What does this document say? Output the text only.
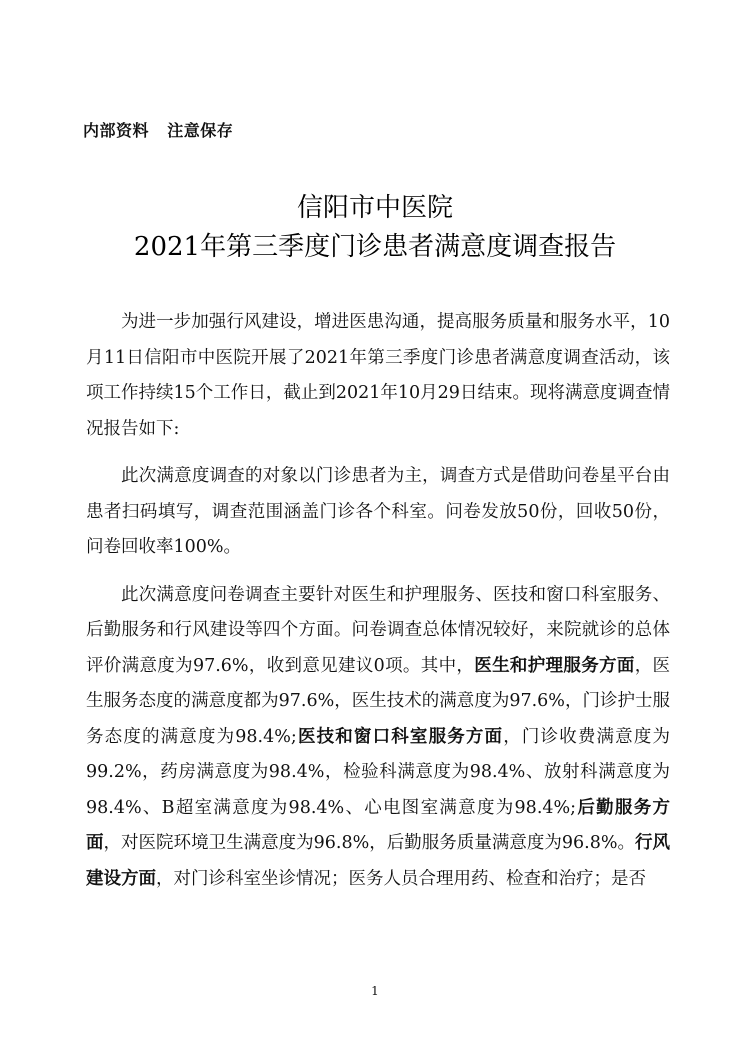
内部资料   注意保存
信阳市中医院
2021年第三季度门诊患者满意度调查报告

为进一步加强行风建设，增进医患沟通，提高服务质量和服务水平，10月11日信阳市中医院开展了2021年第三季度门诊患者满意度调查活动，该项工作持续15个工作日，截止到2021年10月29日结束。现将满意度调查情况报告如下:

此次满意度调查的对象以门诊患者为主，调查方式是借助问卷星平台由患者扫码填写，调查范围涵盖门诊各个科室。问卷发放50份，回收50份，问卷回收率100%。

此次满意度问卷调查主要针对医生和护理服务、医技和窗口科室服务、后勤服务和行风建设等四个方面。问卷调查总体情况较好，来院就诊的总体评价满意度为97.6%，收到意见建议0项。其中，医生和护理服务方面，医生服务态度的满意度都为97.6%，医生技术的满意度为97.6%，门诊护士服务态度的满意度为98.4%;医技和窗口科室服务方面，门诊收费满意度为99.2%，药房满意度为98.4%，检验科满意度为98.4%、放射科满意度为98.4%、B超室满意度为98.4%、心电图室满意度为98.4%;后勤服务方面，对医院环境卫生满意度为96.8%，后勤服务质量满意度为96.8%。行风建设方面，对门诊科室坐诊情况；医务人员合理用药、检查和治疗；是否

1
